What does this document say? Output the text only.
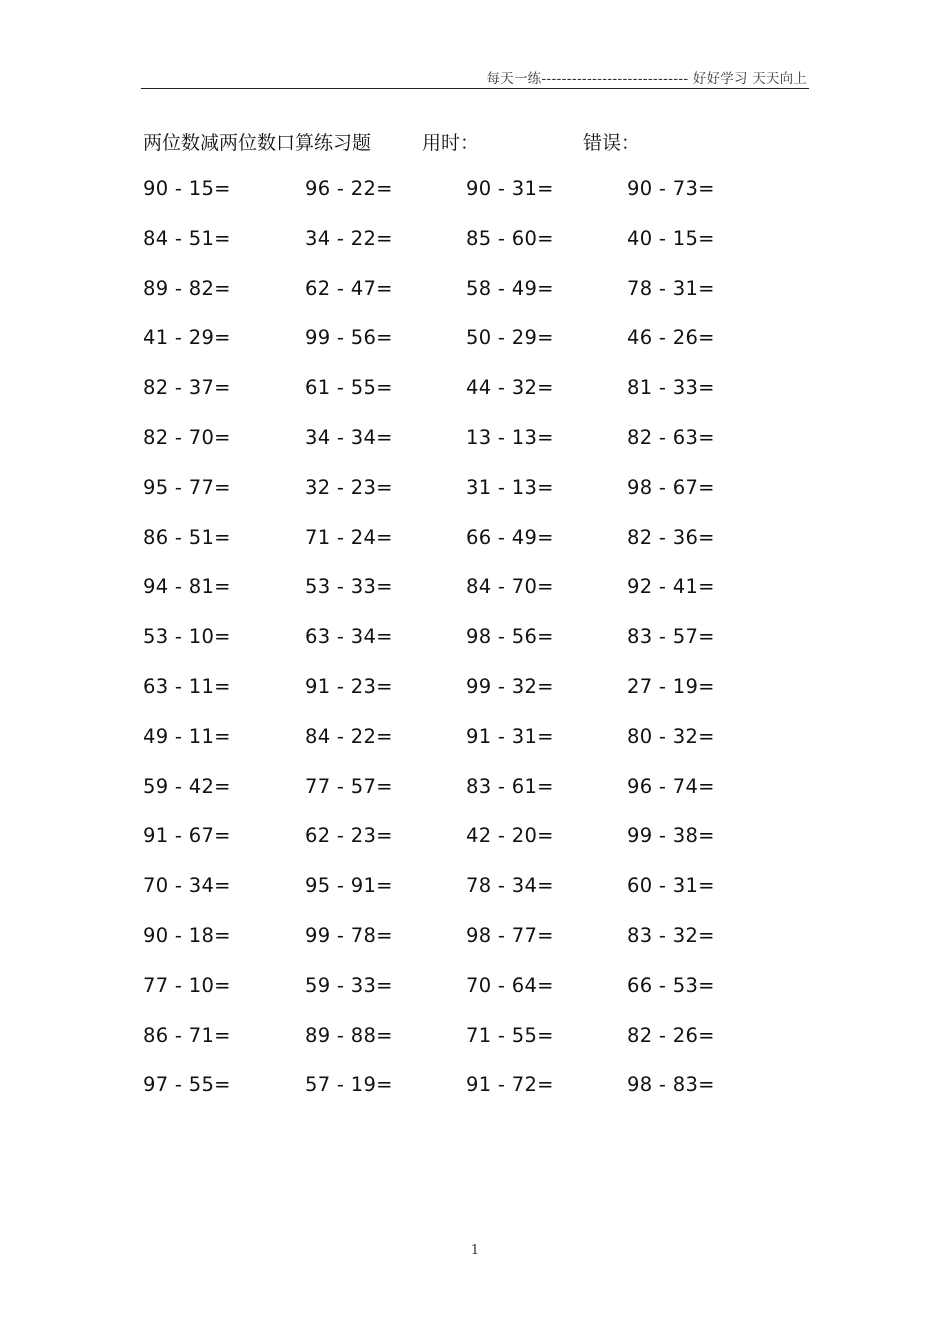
每天一练----------------------------- 好好学习 天天向上
两位数减两位数口算练习题	用时：	错误：
90 - 15=	96 - 22=	90 - 31=	90 - 73=
84 - 51=	34 - 22=	85 - 60=	40 - 15=
89 - 82=	62 - 47=	58 - 49=	78 - 31=
41 - 29=	99 - 56=	50 - 29=	46 - 26=
82 - 37=	61 - 55=	44 - 32=	81 - 33=
82 - 70=	34 - 34=	13 - 13=	82 - 63=
95 - 77=	32 - 23=	31 - 13=	98 - 67=
86 - 51=	71 - 24=	66 - 49=	82 - 36=
94 - 81=	53 - 33=	84 - 70=	92 - 41=
53 - 10=	63 - 34=	98 - 56=	83 - 57=
63 - 11=	91 - 23=	99 - 32=	27 - 19=
49 - 11=	84 - 22=	91 - 31=	80 - 32=
59 - 42=	77 - 57=	83 - 61=	96 - 74=
91 - 67=	62 - 23=	42 - 20=	99 - 38=
70 - 34=	95 - 91=	78 - 34=	60 - 31=
90 - 18=	99 - 78=	98 - 77=	83 - 32=
77 - 10=	59 - 33=	70 - 64=	66 - 53=
86 - 71=	89 - 88=	71 - 55=	82 - 26=
97 - 55=	57 - 19=	91 - 72=	98 - 83=
1
